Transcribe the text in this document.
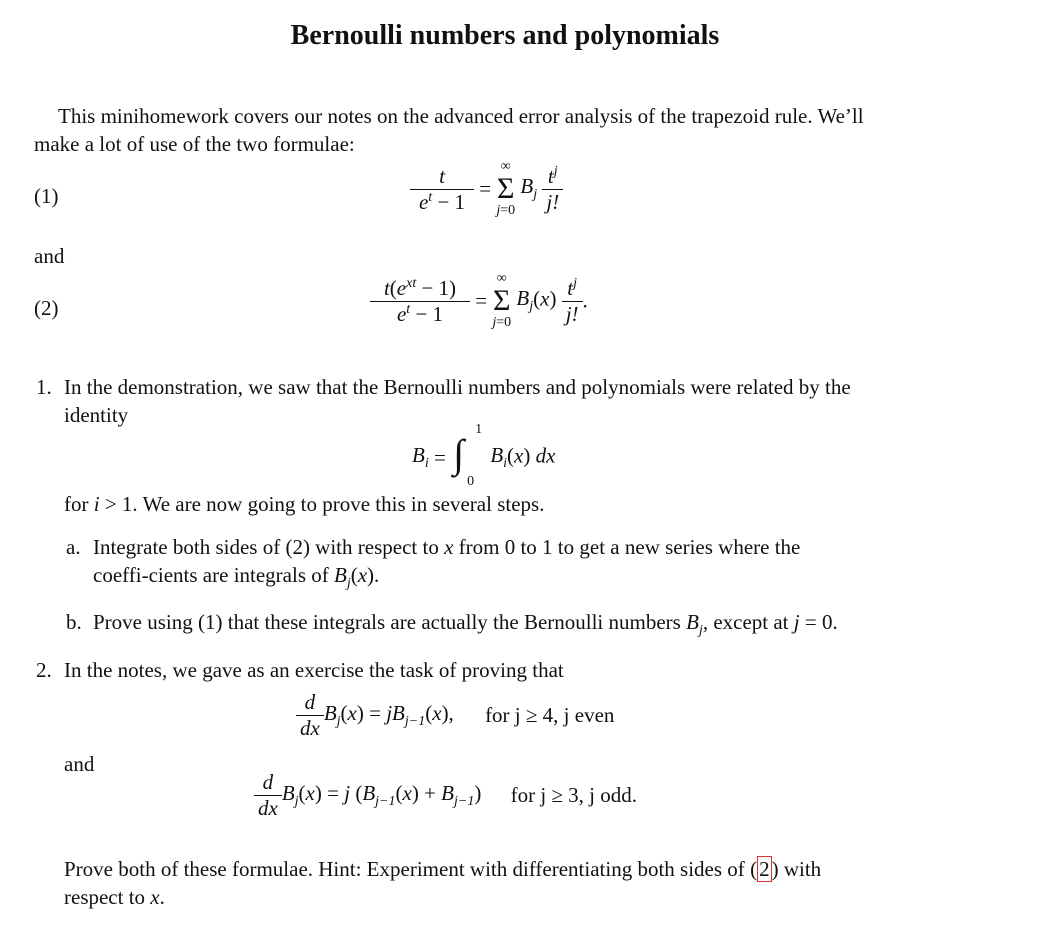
Bernoulli numbers and polynomials
This minihomework covers our notes on the advanced error analysis of the trapezoid rule. We’ll
make a lot of use of the two formulae:
(1)	$\frac{t}{e^t - 1}$ =
∞
Σ
j=0
$B_j \frac{t^j}{j!}$
and
(2)	$\frac{t(e^{xt} - 1)}{e^t - 1}$ =
∞
Σ
j=0
$B_j(x) \frac{t^j}{j!}$ .
1. In the demonstration, we saw that the Bernoulli numbers and polynomials were related by the
identity
$B_i$ = ∫
1
0
$B_i(x)$ dx
for i > 1. We are now going to prove this in several steps.
a. Integrate both sides of (2) with respect to x from 0 to 1 to get a new series where the
coeffi-cients are integrals of $B_j(x)$.
b. Prove using (1) that these integrals are actually the Bernoulli numbers $B_j$, except at j = 0.
2. In the notes, we gave as an exercise the task of proving that
$\frac{d}{dx} B_j(x) = jB_{j-1}(x)$, for j ≥ 4, j even
and
$\frac{d}{dx} B_j(x) = j$ $(B_{j-1}(x) + B_{j-1})$ for j ≥ 3, j odd.
Prove both of these formulae. Hint: Experiment with differentiating both sides of (2) with
respect to x.
